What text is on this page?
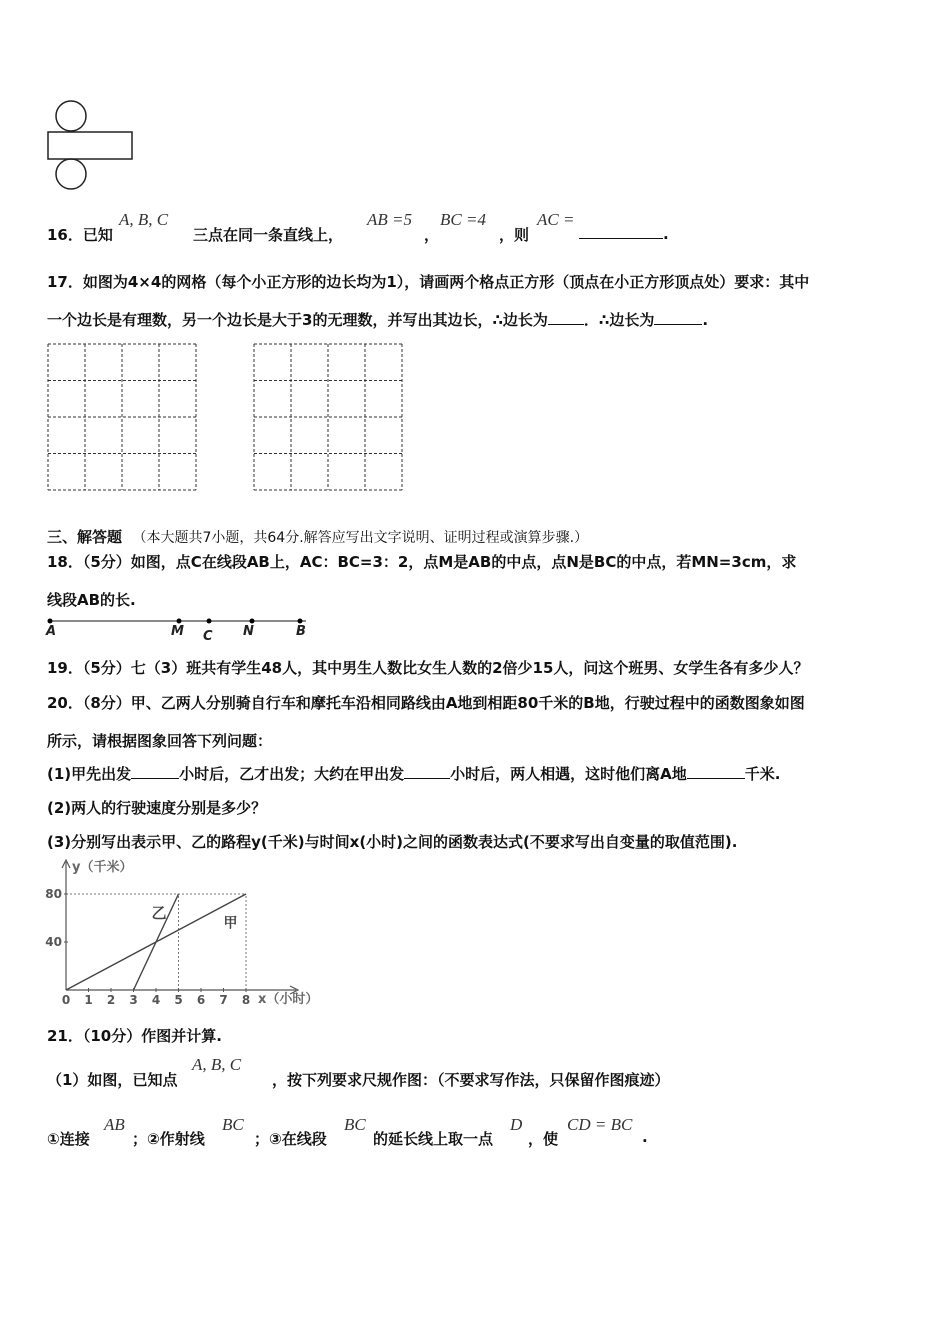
16．已知
A, B, C
三点在同一条直线上，
AB =5
，
BC =4
，则
AC =
.
17．如图为4×4的网格（每个小正方形的边长均为1），请画两个格点正方形（顶点在小正方形顶点处）要求：其中
一个边长是有理数，另一个边长是大于3的无理数，并写出其边长，∴边长为 ．∴边长为	.
三、解答题 （本大题共7小题，共64分.解答应写出文字说明、证明过程或演算步骤.）
18．（5分）如图，点C在线段AB上，AC：BC=3：2，点M是AB的中点，点N是BC的中点，若MN=3cm，求
线段AB的长.
A	M C N	B
19．（5分）七（3）班共有学生48人，其中男生人数比女生人数的2倍少15人，问这个班男、女学生各有多少人？
20．（8分）甲、乙两人分别骑自行车和摩托车沿相同路线由A地到相距80千米的B地，行驶过程中的函数图象如图
所示，请根据图象回答下列问题：
(1)甲先出发	小时后，乙才出发；大约在甲出发	小时后，两人相遇，这时他们离A地	千米.
(2)两人的行驶速度分别是多少？
(3)分别写出表示甲、乙的路程y(千米)与时间x(小时)之间的函数表达式(不要求写出自变量的取值范围).
80
40
0 1 2 3 4 5 6 7 8
乙
甲
y（千米）
x（小时）
21．（10分）作图并计算.
（1）如图，已知点
A, B, C
，按下列要求尺规作图：（不要求写作法，只保留作图痕迹）
①连接
AB
；②作射线
BC
；③在线段
BC
的延长线上取一点
D
，使
CD = BC
.
